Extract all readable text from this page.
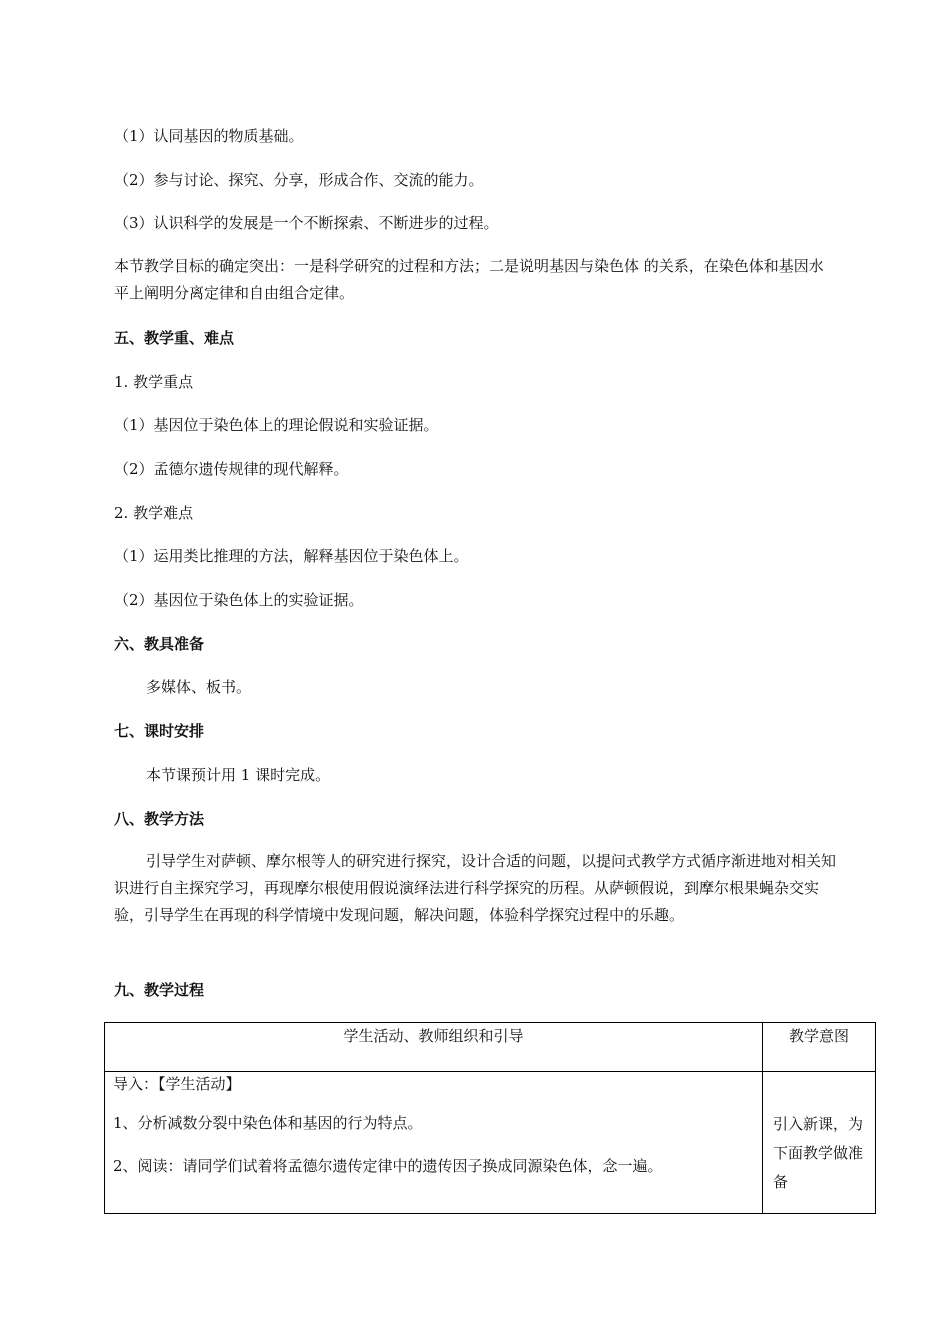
（1）认同基因的物质基础。
（2）参与讨论、探究、分享，形成合作、交流的能力。
（3）认识科学的发展是一个不断探索、不断进步的过程。
本节教学目标的确定突出：一是科学研究的过程和方法；二是说明基因与染色体 的关系，在染色体和基因水平上阐明分离定律和自由组合定律。
五、教学重、难点
1. 教学重点
（1）基因位于染色体上的理论假说和实验证据。
（2）孟德尔遗传规律的现代解释。
2. 教学难点
（1）运用类比推理的方法，解释基因位于染色体上。
（2）基因位于染色体上的实验证据。
六、教具准备
多媒体、板书。
七、课时安排
本节课预计用 1 课时完成。
八、教学方法
引导学生对萨顿、摩尔根等人的研究进行探究，设计合适的问题，以提问式教学方式循序渐进地对相关知识进行自主探究学习，再现摩尔根使用假说演绎法进行科学探究的历程。从萨顿假说，到摩尔根果蝇杂交实验，引导学生在再现的科学情境中发现问题，解决问题，体验科学探究过程中的乐趣。
九、教学过程
学生活动、教师组织和引导	教学意图

导入：【学生活动】
1、分析减数分裂中染色体和基因的行为特点。
2、阅读：请同学们试着将孟德尔遗传定律中的遗传因子换成同源染色体，念一遍。	引入新课，为下面教学做准备
